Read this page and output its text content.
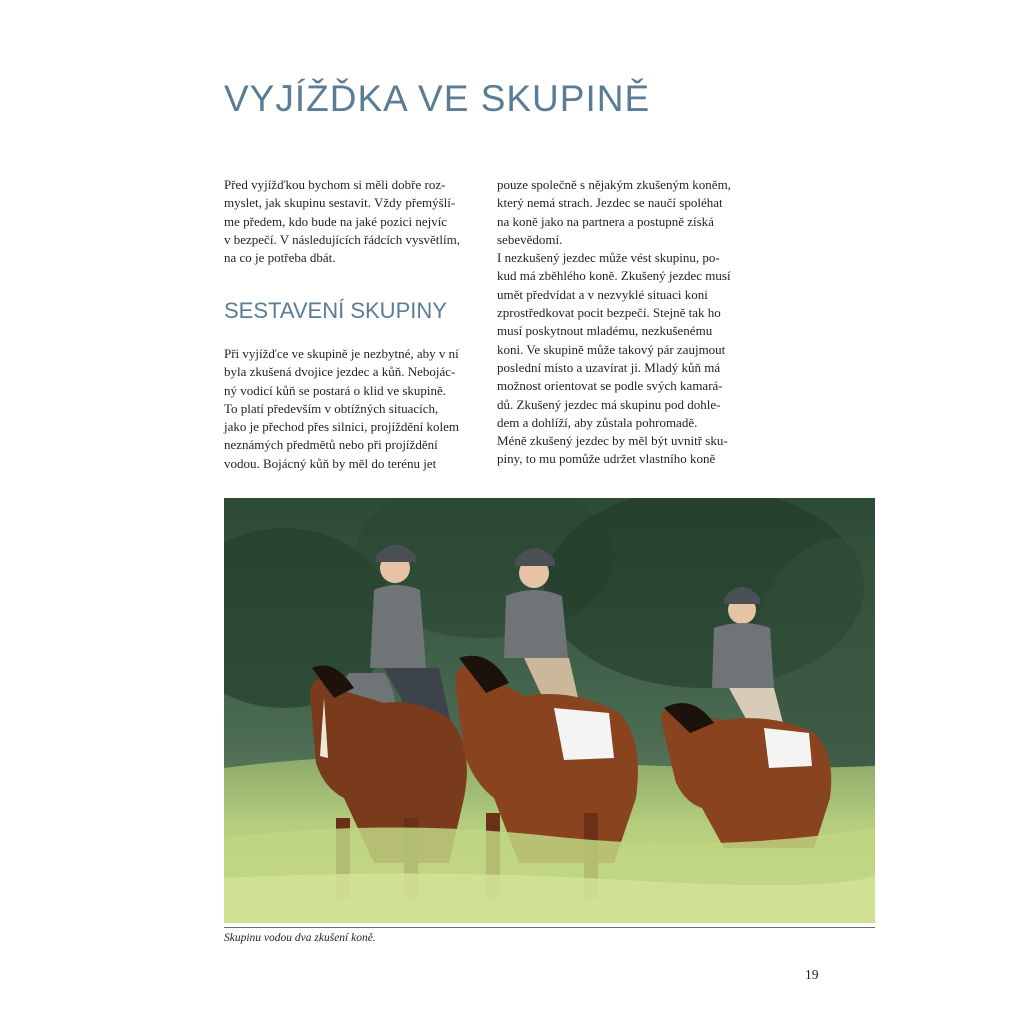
VYJÍŽĎKA VE SKUPINĚ
Před vyjížďkou bychom si měli dobře roz-
myslet, jak skupinu sestavit. Vždy přemýšlí-
me předem, kdo bude na jaké pozici nejvíc
v bezpečí. V následujících řádcích vysvětlím,
na co je potřeba dbát.
SESTAVENÍ SKUPINY
Při vyjížďce ve skupině je nezbytné, aby v ní
byla zkušená dvojice jezdec a kůň. Nebojác-
ný vodicí kůň se postará o klid ve skupině.
To platí především v obtížných situacích,
jako je přechod přes silnici, projíždění kolem
neznámých předmětů nebo při projíždění
vodou. Bojácný kůň by měl do terénu jet
pouze společně s nějakým zkušeným koněm,
který nemá strach. Jezdec se naučí spoléhat
na koně jako na partnera a postupně získá
sebevědomí.
I nezkušený jezdec může vést skupinu, po-
kud má zběhlého koně. Zkušený jezdec musí
umět předvídat a v nezvyklé situaci koni
zprostředkovat pocit bezpečí. Stejně tak ho
musí poskytnout mladému, nezkušenému
koni. Ve skupině může takový pár zaujmout
poslední místo a uzavírat ji. Mladý kůň má
možnost orientovat se podle svých kamará-
dů. Zkušený jezdec má skupinu pod dohle-
dem a dohlíží, aby zůstala pohromadě.
Méně zkušený jezdec by měl být uvnitř sku-
piny, to mu pomůže udržet vlastního koně
Skupinu vodou dva zkušení koně.
19
